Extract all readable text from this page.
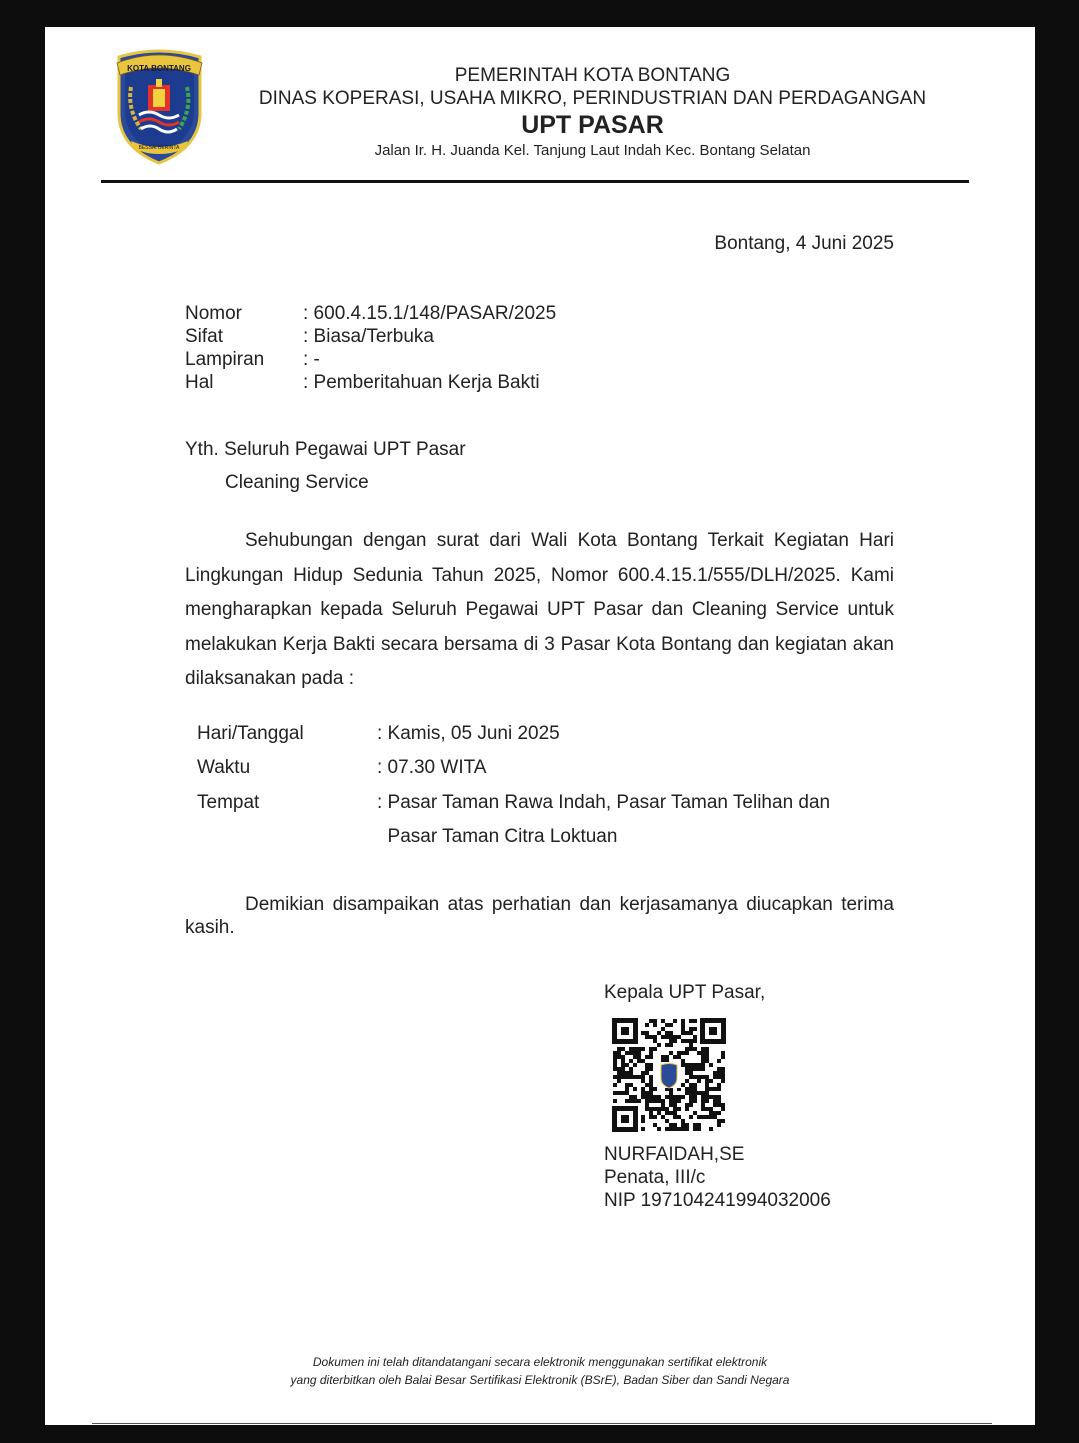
KOTA BONTANG
BESSAI BERINTA
PEMERINTAH KOTA BONTANG
DINAS KOPERASI, USAHA MIKRO, PERINDUSTRIAN DAN PERDAGANGAN
UPT PASAR
Jalan Ir. H. Juanda Kel. Tanjung Laut Indah Kec. Bontang Selatan
Bontang, 4 Juni 2025
Nomor	: 600.4.15.1/148/PASAR/2025
Sifat	: Biasa/Terbuka
Lampiran : -
Hal	: Pemberitahuan Kerja Bakti
Yth. Seluruh Pegawai UPT Pasar
Cleaning Service

Sehubungan dengan surat dari Wali Kota Bontang Terkait Kegiatan Hari Lingkungan Hidup Sedunia Tahun 2025, Nomor 600.4.15.1/555/DLH/2025. Kami mengharapkan kepada Seluruh Pegawai UPT Pasar dan Cleaning Service untuk melakukan Kerja Bakti secara bersama di 3 Pasar Kota Bontang dan kegiatan akan dilaksanakan pada :

Hari/Tanggal	: Kamis, 05 Juni 2025
Waktu	: 07.30 WITA
Tempat	: Pasar Taman Rawa Indah, Pasar Taman Telihan dan
Pasar Taman Citra Loktuan

Demikian disampaikan atas perhatian dan kerjasamanya diucapkan terima kasih.

Kepala UPT Pasar,
NURFAIDAH,SE
Penata, III/c
NIP 197104241994032006
Dokumen ini telah ditandatangani secara elektronik menggunakan sertifikat elektronik
yang diterbitkan oleh Balai Besar Sertifikasi Elektronik (BSrE), Badan Siber dan Sandi Negara
